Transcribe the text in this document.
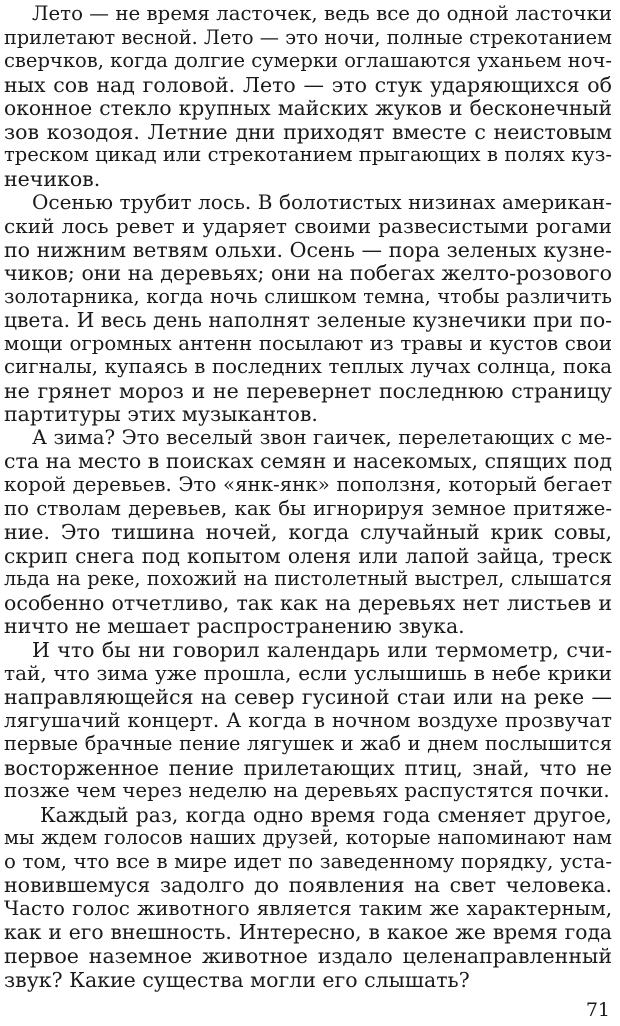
Лето — не время ласточек, ведь все до одной ласточки
прилетают весной. Лето — это ночи, полные стрекотанием
сверчков, когда долгие сумерки оглашаются уханьем ноч-
ных сов над головой. Лето — это стук ударяющихся об
оконное стекло крупных майских жуков и бесконечный
зов козодоя. Летние дни приходят вместе с неистовым
треском цикад или стрекотанием прыгающих в полях куз-
нечиков.
Осенью трубит лось. В болотистых низинах американ-
ский лось ревет и ударяет своими развесистыми рогами
по нижним ветвям ольхи. Осень — пора зеленых кузне-
чиков; они на деревьях; они на побегах желто-розового
золотарника, когда ночь слишком темна, чтобы различить
цвета. И весь день наполнят зеленые кузнечики при по-
мощи огромных антенн посылают из травы и кустов свои
сигналы, купаясь в последних теплых лучах солнца, пока
не грянет мороз и не перевернет последнюю страницу
партитуры этих музыкантов.
А зима? Это веселый звон гаичек, перелетающих с ме-
ста на место в поисках семян и насекомых, спящих под
корой деревьев. Это «янк-янк» поползня, который бегает
по стволам деревьев, как бы игнорируя земное притяже-
ние. Это тишина ночей, когда случайный крик совы,
скрип снега под копытом оленя или лапой зайца, треск
льда на реке, похожий на пистолетный выстрел, слышатся
особенно отчетливо, так как на деревьях нет листьев и
ничто не мешает распространению звука.
И что бы ни говорил календарь или термометр, счи-
тай, что зима уже прошла, если услышишь в небе крики
направляющейся на север гусиной стаи или на реке —
лягушачий концерт. А когда в ночном воздухе прозвучат
первые брачные пение лягушек и жаб и днем послышится
восторженное пение прилетающих птиц, знай, что не
позже чем через неделю на деревьях распустятся почки.
Каждый раз, когда одно время года сменяет другое,
мы ждем голосов наших друзей, которые напоминают нам
о том, что все в мире идет по заведенному порядку, уста-
новившемуся задолго до появления на свет человека.
Часто голос животного является таким же характерным,
как и его внешность. Интересно, в какое же время года
первое наземное животное издало целенаправленный
звук? Какие существа могли его слышать?
71
